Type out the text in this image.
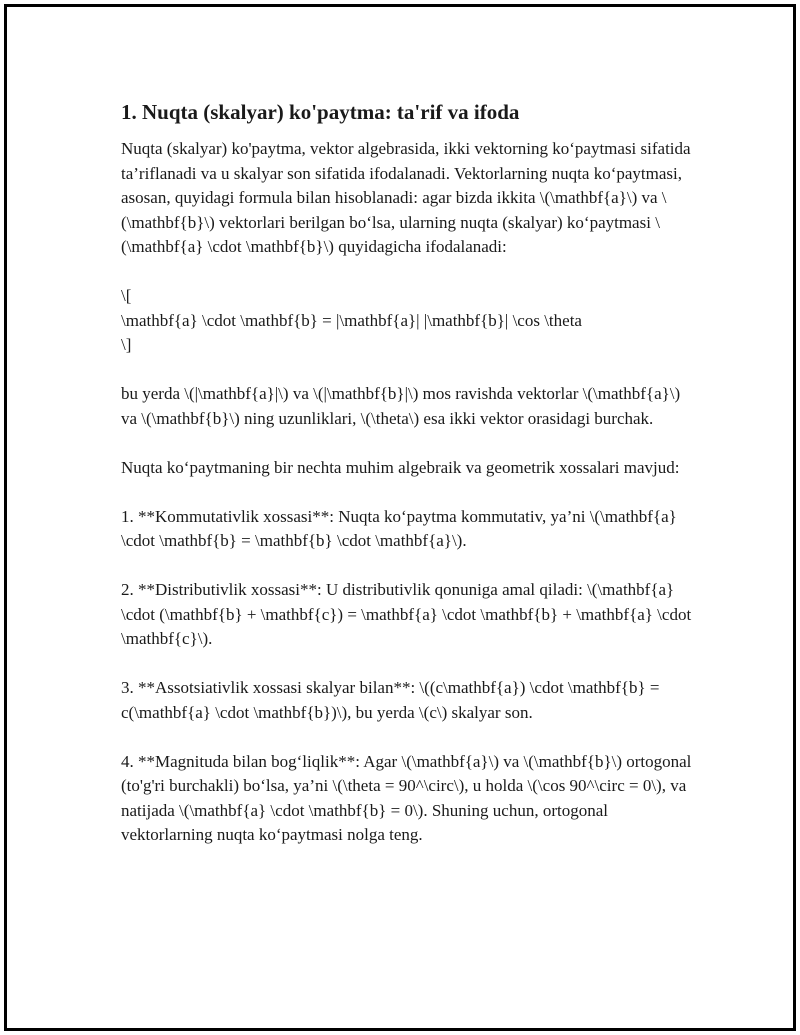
1. Nuqta (skalyar) ko'paytma: ta'rif va ifoda

Nuqta (skalyar) ko'paytma, vektor algebrasida, ikki vektorning ko‘paytmasi sifatida ta’riflanadi va u skalyar son sifatida ifodalanadi. Vektorlarning nuqta ko‘paytmasi, asosan, quyidagi formula bilan hisoblanadi: agar bizda ikkita \(\mathbf{a}\) va \(\mathbf{b}\) vektorlari berilgan bo‘lsa, ularning nuqta (skalyar) ko‘paytmasi \(\mathbf{a} \cdot \mathbf{b}\) quyidagicha ifodalanadi:

\[

\mathbf{a} \cdot \mathbf{b} = |\mathbf{a}| |\mathbf{b}| \cos \theta

\]

bu yerda \(|\mathbf{a}|\) va \(|\mathbf{b}|\) mos ravishda vektorlar \(\mathbf{a}\) va \(\mathbf{b}\) ning uzunliklari, \(\theta\) esa ikki vektor orasidagi burchak.

Nuqta ko‘paytmaning bir nechta muhim algebraik va geometrik xossalari mavjud:

1. **Kommutativlik xossasi**: Nuqta ko‘paytma kommutativ, ya’ni \(\mathbf{a} \cdot \mathbf{b} = \mathbf{b} \cdot \mathbf{a}\).

2. **Distributivlik xossasi**: U distributivlik qonuniga amal qiladi: \(\mathbf{a} \cdot (\mathbf{b} + \mathbf{c}) = \mathbf{a} \cdot \mathbf{b} + \mathbf{a} \cdot \mathbf{c}\).

3. **Assotsiativlik xossasi skalyar bilan**: \((c\mathbf{a}) \cdot \mathbf{b} = c(\mathbf{a} \cdot \mathbf{b})\), bu yerda \(c\) skalyar son.

4. **Magnituda bilan bog‘liqlik**: Agar \(\mathbf{a}\) va \(\mathbf{b}\) ortogonal (to'g'ri burchakli) bo‘lsa, ya’ni \(\theta = 90^\circ\), u holda \(\cos 90^\circ = 0\), va natijada \(\mathbf{a} \cdot \mathbf{b} = 0\). Shuning uchun, ortogonal vektorlarning nuqta ko‘paytmasi nolga teng.
